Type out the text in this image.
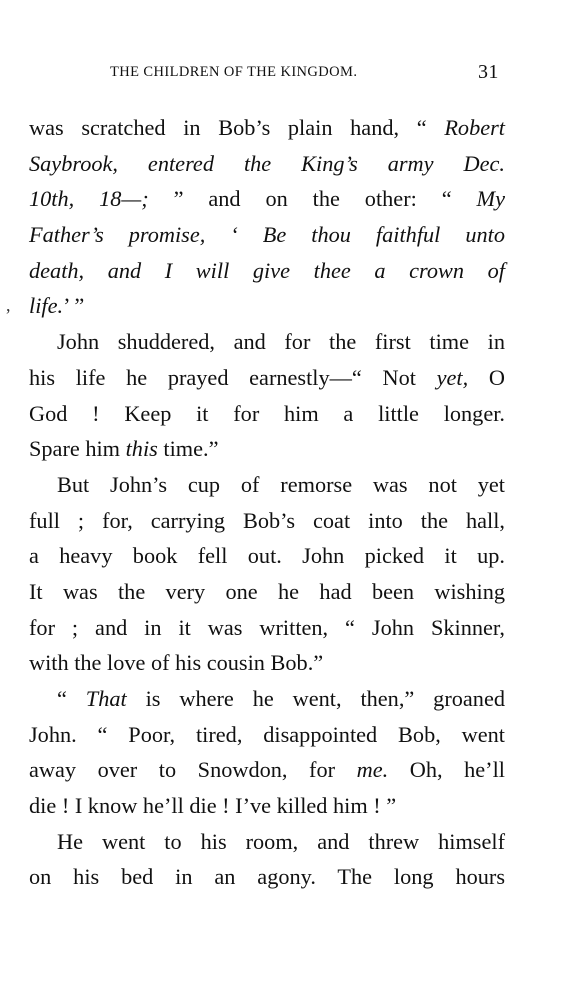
THE CHILDREN OF THE KINGDOM.	31
,
was scratched in Bob’s plain hand, “ Robert
Saybrook, entered the King’s army Dec.
10th, 18—; ” and on the other: “ My
Father’s promise, ‘ Be thou faithful unto
death, and I will give thee a crown of
life.’ ”
John shuddered, and for the first time in
his life he prayed earnestly—“ Not yet, O
God ! Keep it for him a little longer.
Spare him this time.”
But John’s cup of remorse was not yet
full ; for, carrying Bob’s coat into the hall,
a heavy book fell out. John picked it up.
It was the very one he had been wishing
for ; and in it was written, “ John Skinner,
with the love of his cousin Bob.”
“ That is where he went, then,” groaned
John. “ Poor, tired, disappointed Bob, went
away over to Snowdon, for me. Oh, he’ll
die ! I know he’ll die ! I’ve killed him ! ”
He went to his room, and threw himself
on his bed in an agony. The long hours
